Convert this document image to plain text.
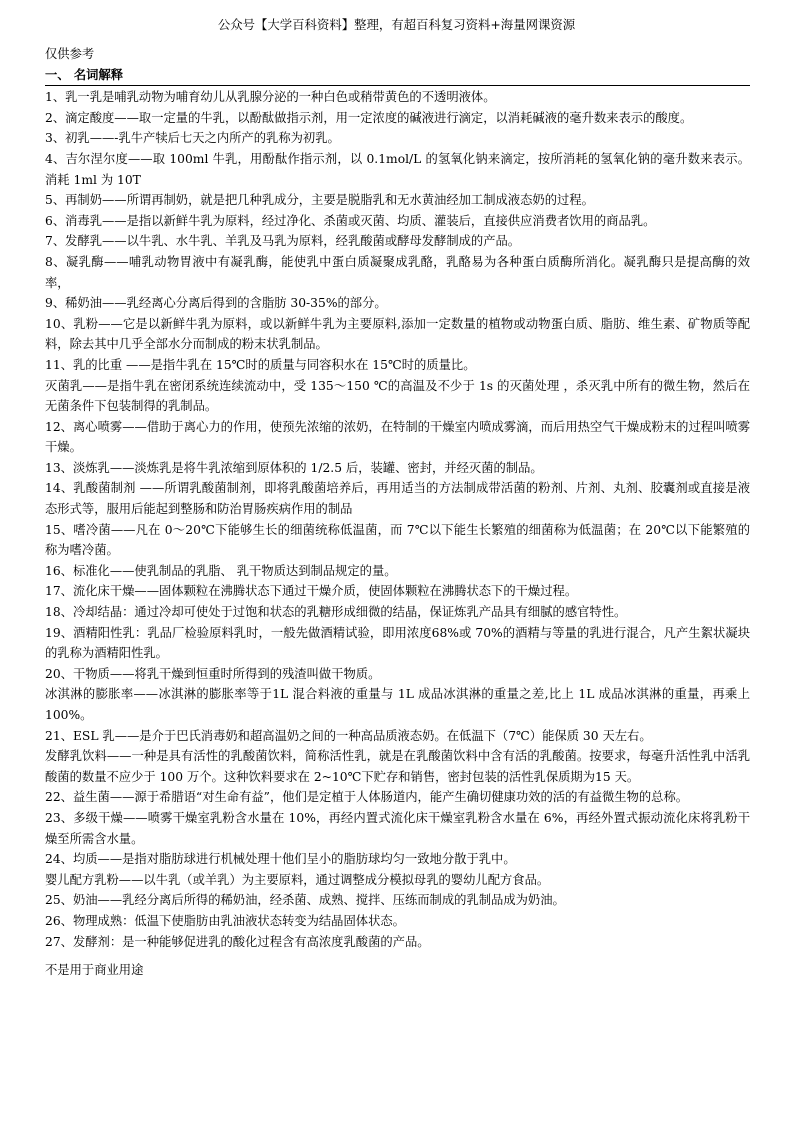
公众号【大学百科资料】整理，有超百科复习资料+海量网课资源

仅供参考

一、 名词解释

1、乳一乳是哺乳动物为哺育幼儿从乳腺分泌的一种白色或稍带黄色的不透明液体。

2、滴定酸度——取一定量的牛乳，以酚酞做指示剂，用一定浓度的碱液进行滴定，以消耗碱液的毫升数来表示的酸度。

3、初乳——-乳牛产犊后七天之内所产的乳称为初乳。

4、吉尔涅尔度——取 100ml 牛乳，用酚酞作指示剂，以 0.1mol/L 的氢氧化钠来滴定，按所消耗的氢氧化钠的毫升数来表示。消耗 1ml 为 10T

5、再制奶——所谓再制奶，就是把几种乳成分，主要是脱脂乳和无水黄油经加工制成液态奶的过程。

6、消毒乳——是指以新鲜牛乳为原料，经过净化、杀菌或灭菌、均质、灌装后，直接供应消费者饮用的商品乳。

7、发酵乳——以牛乳、水牛乳、羊乳及马乳为原料，经乳酸菌或酵母发酵制成的产品。

8、凝乳酶——哺乳动物胃液中有凝乳酶，能使乳中蛋白质凝聚成乳酪，乳酪易为各种蛋白质酶所消化。凝乳酶只是提高酶的效率，

9、稀奶油——乳经离心分离后得到的含脂肪 30-35%的部分。

10、乳粉——它是以新鲜牛乳为原料，或以新鲜牛乳为主要原料,添加一定数量的植物或动物蛋白质、脂肪、维生素、矿物质等配料，除去其中几乎全部水分而制成的粉末状乳制品。

11、乳的比重 ——是指牛乳在 15℃时的质量与同容积水在 15℃时的质量比。

灭菌乳——是指牛乳在密闭系统连续流动中，受 135～150 ℃的高温及不少于 1s 的灭菌处理 ，杀灭乳中所有的微生物，然后在无菌条件下包装制得的乳制品。

12、离心喷雾——借助于离心力的作用，使预先浓缩的浓奶，在特制的干燥室内喷成雾滴，而后用热空气干燥成粉末的过程叫喷雾干燥。

13、淡炼乳——淡炼乳是将牛乳浓缩到原体积的 1/2.5 后，装罐、密封，并经灭菌的制品。

14、乳酸菌制剂 ——所谓乳酸菌制剂，即将乳酸菌培养后，再用适当的方法制成带活菌的粉剂、片剂、丸剂、胶囊剂或直接是液态形式等，服用后能起到整肠和防治胃肠疾病作用的制品

15、嗜冷菌——凡在 0～20℃下能够生长的细菌统称低温菌，而 7℃以下能生长繁殖的细菌称为低温菌；在 20℃以下能繁殖的称为嗜冷菌。

16、标准化——使乳制品的乳脂、 乳干物质达到制品规定的量。

17、流化床干燥——固体颗粒在沸腾状态下通过干燥介质，使固体颗粒在沸腾状态下的干燥过程。

18、冷却结晶：通过冷却可使处于过饱和状态的乳糖形成细微的结晶，保证炼乳产品具有细腻的感官特性。

19、酒精阳性乳：乳品厂检验原料乳时，一般先做酒精试验，即用浓度68%或 70%的酒精与等量的乳进行混合，凡产生絮状凝块的乳称为酒精阳性乳。

20、干物质——将乳干燥到恒重时所得到的残渣叫做干物质。

冰淇淋的膨胀率——冰淇淋的膨胀率等于1L 混合料液的重量与 1L 成品冰淇淋的重量之差,比上 1L 成品冰淇淋的重量，再乘上 100%。

21、ESL 乳——是介于巴氏消毒奶和超高温奶之间的一种高品质液态奶。在低温下（7℃）能保质 30 天左右。

发酵乳饮料——一种是具有活性的乳酸菌饮料，简称活性乳，就是在乳酸菌饮料中含有活的乳酸菌。按要求，每毫升活性乳中活乳酸菌的数量不应少于 100 万个。这种饮料要求在 2~10℃下贮存和销售，密封包装的活性乳保质期为15 天。

22、益生菌——源于希腊语“对生命有益”，他们是定植于人体肠道内，能产生确切健康功效的活的有益微生物的总称。

23、多级干燥——喷雾干燥室乳粉含水量在 10%，再经内置式流化床干燥室乳粉含水量在 6%，再经外置式振动流化床将乳粉干燥至所需含水量。

24、均质——是指对脂肪球进行机械处理十他们呈小的脂肪球均匀一致地分散于乳中。

婴儿配方乳粉——以牛乳（或羊乳）为主要原料，通过调整成分模拟母乳的婴幼儿配方食品。

25、奶油——乳经分离后所得的稀奶油，经杀菌、成熟、搅拌、压练而制成的乳制品成为奶油。

26、物理成熟：低温下使脂肪由乳油液状态转变为结晶固体状态。

27、发酵剂：是一种能够促进乳的酸化过程含有高浓度乳酸菌的产品。

不是用于商业用途
